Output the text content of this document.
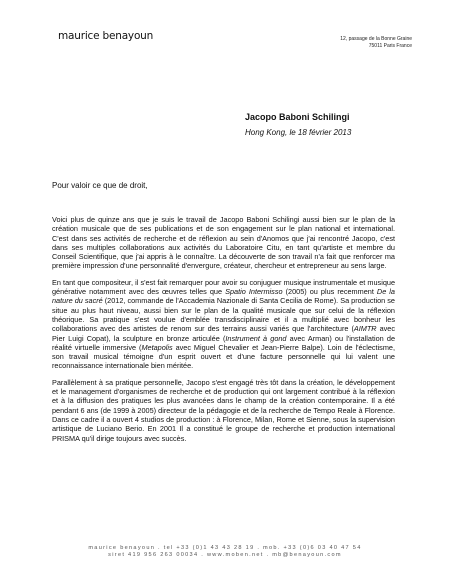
maurice benayoun	12, passage de la Bonne Graine
75011 Paris France
Jacopo Baboni Schilingi
Hong Kong, le 18 février 2013
Pour valoir ce que de droit,

Voici plus de quinze ans que je suis le travail de Jacopo Baboni Schilingi aussi bien sur le plan de la création musicale que de ses publications et de son engagement sur le plan national et international. C'est dans ses activités de recherche et de réflexion au sein d'Anomos que j'ai rencontré Jacopo, c'est dans ses multiples collaborations aux activités du Laboratoire Citu, en tant qu'artiste et membre du Conseil Scientifique, que j'ai appris à le connaître. La découverte de son travail n'a fait que renforcer ma première impression d'une personnalité d'envergure, créateur, chercheur et entrepreneur au sens large.

En tant que compositeur, il s'est fait remarquer pour avoir su conjuguer musique instrumentale et musique générative notamment avec des œuvres telles que Spatio Intermisso (2005) ou plus recemment De la nature du sacré (2012, commande de l'Accademia Nazionale di Santa Cecilia de Rome). Sa production se situe au plus haut niveau, aussi bien sur le plan de la qualité musicale que sur celui de la réflexion théorique. Sa pratique s'est voulue d'emblée transdisciplinaire et il a multiplié avec bonheur les collaborations avec des artistes de renom sur des terrains aussi variés que l'architecture (AIMTR avec Pier Luigi Copat), la sculpture en bronze articulée (Instrument à gond avec Arman) ou l'installation de réalité virtuelle immersive (Metapolis avec Miguel Chevalier et Jean-Pierre Balpe). Loin de l'éclectisme, son travail musical témoigne d'un esprit ouvert et d'une facture personnelle qui lui valent une reconnaissance internationale bien méritée.

Parallèlement à sa pratique personnelle, Jacopo s'est engagé très tôt dans la création, le développement et le management d'organismes de recherche et de production qui ont largement contribué à la réflexion et à la diffusion des pratiques les plus avancées dans le champ de la création contemporaine. Il a été pendant 6 ans (de 1999 à 2005) directeur de la pédagogie et de la recherche de Tempo Reale à Florence. Dans ce cadre il a ouvert 4 studios de production : à Florence, Milan, Rome et Sienne, sous la supervision artistique de Luciano Berio. En 2001 Il a constitué le groupe de recherche et production international PRISMA qu'il dirige toujours avec succès.

maurice benayoun . tel +33 (0)1 43 43 28 19 . mob. +33 (0)6 03 40 47 54
siret 419 956 263 00034 . www.moben.net . mb@benayoun.com
